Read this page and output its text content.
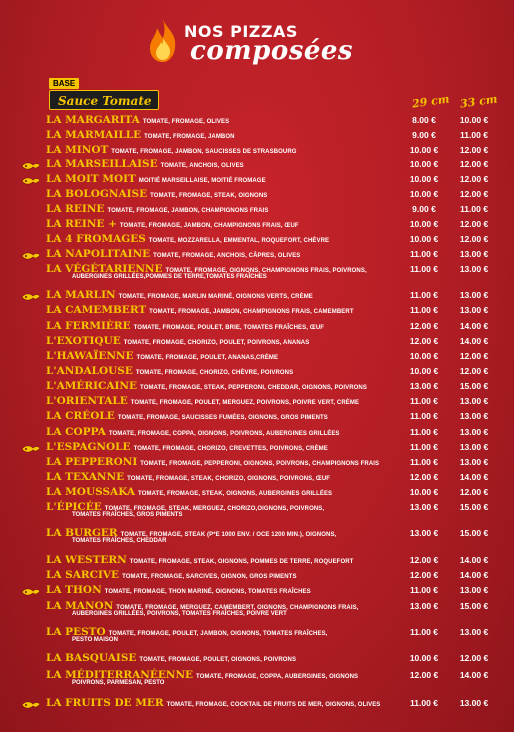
NOS PIZZAS
composées
BASE
Sauce Tomate	29 cm 33 cm
LA MARGARITA TOMATE, FROMAGE, OLIVES	8.00 €	10.00 €
LA MARMAILLE TOMATE, FROMAGE, JAMBON	9.00 €	11.00 €
LA MINOT TOMATE, FROMAGE, JAMBON, SAUCISSES DE STRASBOURG	10.00 €	12.00 €
LA MARSEILLAISE TOMATE, ANCHOIS, OLIVES	10.00 €	12.00 €
LA MOIT MOIT MOITIÉ MARSEILLAISE, MOITIÉ FROMAGE	10.00 €	12.00 €
LA BOLOGNAISE TOMATE, FROMAGE, STEAK, OIGNONS	10.00 €	12.00 €
LA REINE TOMATE, FROMAGE, JAMBON, CHAMPIGNONS FRAIS	9.00 €	11.00 €
LA REINE + TOMATE, FROMAGE, JAMBON, CHAMPIGNONS FRAIS, ŒUF	10.00 €	12.00 €
LA 4 FROMAGES TOMATE, MOZZARELLA, EMMENTAL, ROQUEFORT, CHÈVRE	10.00 €	12.00 €
LA NAPOLITAINE TOMATE, FROMAGE, ANCHOIS, CÂPRES, OLIVES	11.00 €	13.00 €
LA VÉGÉTARIENNE TOMATE, FROMAGE, OIGNONS, CHAMPIGNONS FRAIS, POIVRONS,
AUBERGINES GRILLÉES,POMMES DE TERRE,TOMATES FRAÎCHES
11.00 €	13.00 €
LA MARLIN TOMATE, FROMAGE, MARLIN MARINÉ, OIGNONS VERTS, CRÈME	11.00 €	13.00 €
LA CAMEMBERT TOMATE, FROMAGE, JAMBON, CHAMPIGNONS FRAIS, CAMEMBERT	11.00 €	13.00 €
LA FERMIÈRE TOMATE, FROMAGE, POULET, BRIE, TOMATES FRAÎCHES, ŒUF	12.00 €	14.00 €
L'EXOTIQUE TOMATE, FROMAGE, CHORIZO, POULET, POIVRONS, ANANAS	12.00 €	14.00 €
L'HAWAÏENNE TOMATE, FROMAGE, POULET, ANANAS,CRÈME	10.00 €	12.00 €
L'ANDALOUSE TOMATE, FROMAGE, CHORIZO, CHÈVRE, POIVRONS	10.00 €	12.00 €
L'AMÉRICAINE TOMATE, FROMAGE, STEAK, PEPPERONI, CHEDDAR, OIGNONS, POIVRONS	13.00 €	15.00 €
L'ORIENTALE TOMATE, FROMAGE, POULET, MERGUEZ, POIVRONS, POIVRE VERT, CRÈME	11.00 €	13.00 €
LA CRÉOLE TOMATE, FROMAGE, SAUCISSES FUMÉES, OIGNONS, GROS PIMENTS	11.00 €	13.00 €
LA COPPA TOMATE, FROMAGE, COPPA, OIGNONS, POIVRONS, AUBERGINES GRILLÉES	11.00 €	13.00 €
L'ESPAGNOLE TOMATE, FROMAGE, CHORIZO, CREVETTES, POIVRONS, CRÈME	11.00 €	13.00 €
LA PEPPERONI TOMATE, FROMAGE, PEPPERONI, OIGNONS, POIVRONS, CHAMPIGNONS FRAIS	11.00 €	13.00 €
LA TEXANNE TOMATE, FROMAGE, STEAK, CHORIZO, OIGNONS, POIVRONS, ŒUF	12.00 €	14.00 €
LA MOUSSAKA TOMATE, FROMAGE, STEAK, OIGNONS, AUBERGINES GRILLÉES	10.00 €	12.00 €
L'ÉPICÉE TOMATE, FROMAGE, STEAK, MERGUEZ, CHORIZO,OIGNONS, POIVRONS,
TOMATES FRAÎCHES, GROS PIMENTS
13.00 €	15.00 €
LA BURGER TOMATE, FROMAGE, STEAK (P*E 1000 ENV. / OCE 1200 MIN.), OIGNONS,
TOMATES FRAÎCHES, CHEDDAR
13.00 €	15.00 €
LA WESTERN TOMATE, FROMAGE, STEAK, OIGNONS, POMMES DE TERRE, ROQUEFORT	12.00 €	14.00 €
LA SARCIVE TOMATE, FROMAGE, SARCIVES, OIGNON, GROS PIMENTS	12.00 €	14.00 €
LA THON TOMATE, FROMAGE, THON MARINÉ, OIGNONS, TOMATES FRAÎCHES	11.00 €	13.00 €
LA MANON TOMATE, FROMAGE, MERGUEZ, CAMEMBERT, OIGNONS, CHAMPIGNONS FRAIS,
AUBERGINES GRILLÉES, POIVRONS, TOMATES FRAÎCHES, POIVRE VERT
13.00 €	15.00 €
LA PESTO TOMATE, FROMAGE, POULET, JAMBON, OIGNONS, TOMATES FRAÎCHES,
PESTO MAISON
11.00 €	13.00 €
LA BASQUAISE TOMATE, FROMAGE, POULET, OIGNONS, POIVRONS	10.00 €	12.00 €
LA MÉDITERRANÉENNE TOMATE, FROMAGE, COPPA, AUBERGINES, OIGNONS
POIVRONS, PARMESAN, PESTO
12.00 €	14.00 €
LA FRUITS DE MER TOMATE, FROMAGE, COCKTAIL DE FRUITS DE MER, OIGNONS, OLIVES	11.00 €	13.00 €
